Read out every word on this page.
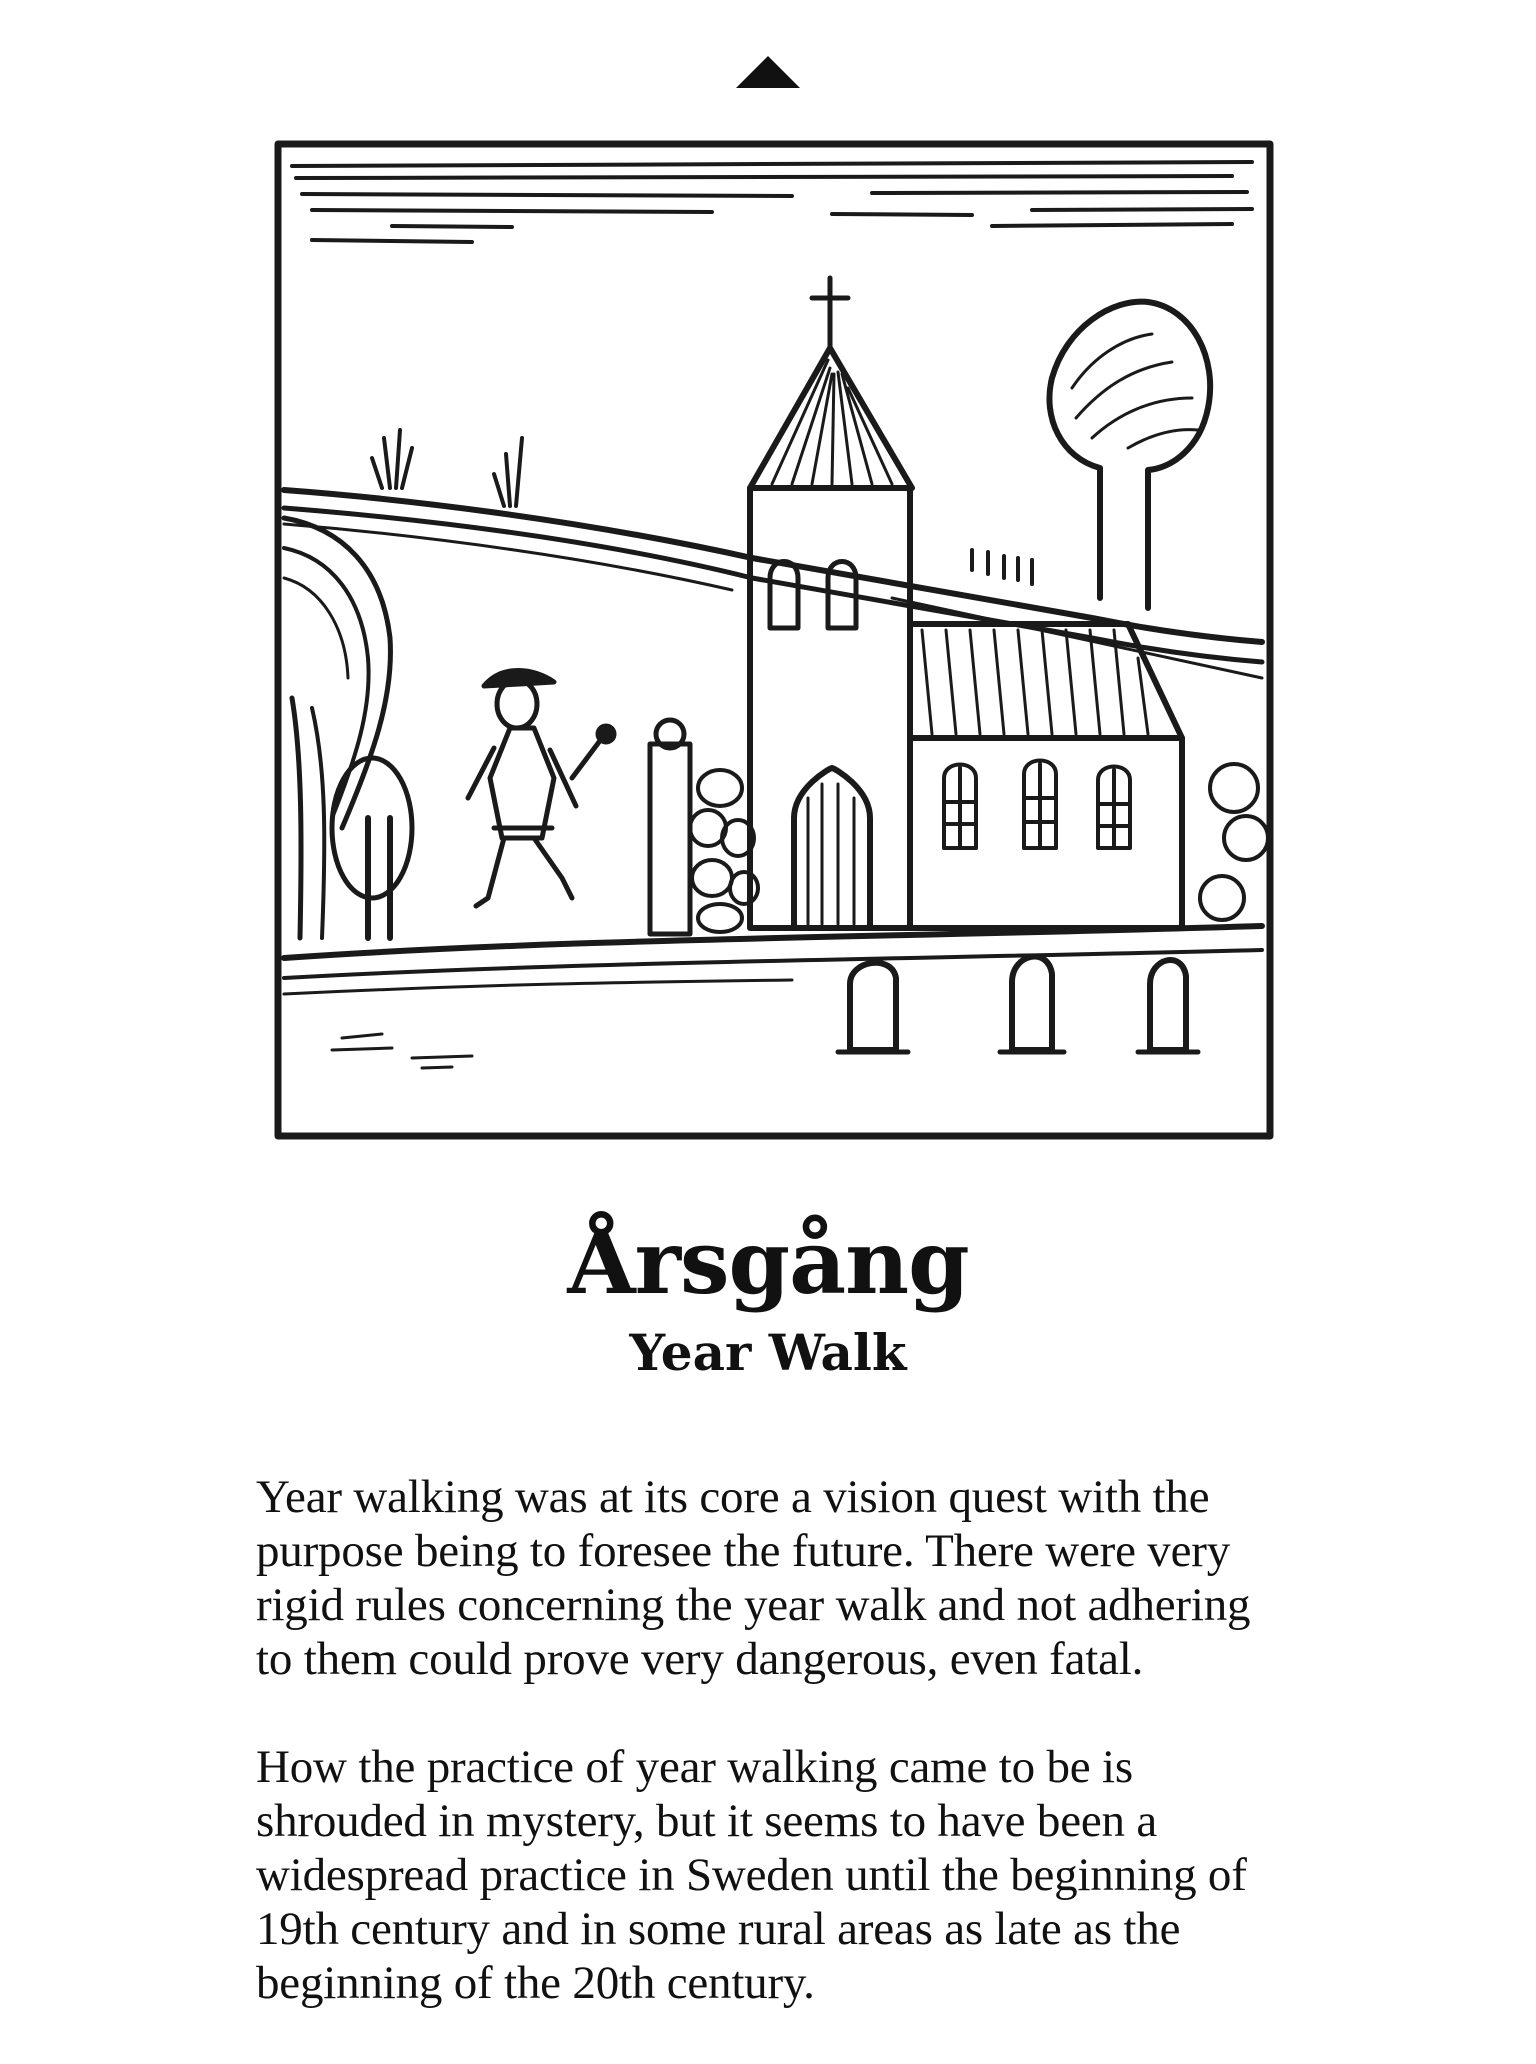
Årsgång
Year Walk

Year walking was at its core a vision quest with the purpose being to foresee the future. There were very rigid rules concerning the year walk and not adhering to them could prove very dangerous, even fatal.

How the practice of year walking came to be is shrouded in mystery, but it seems to have been a widespread practice in Sweden until the beginning of 19th century and in some rural areas as late as the beginning of the 20th century.
